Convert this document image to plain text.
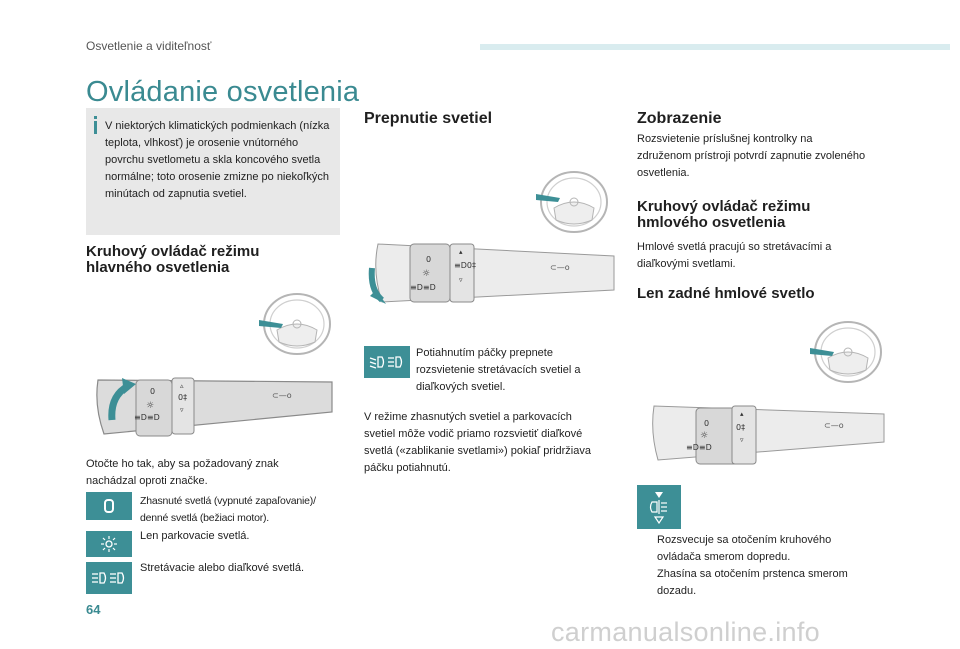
Osvetlenie a viditeľnosť
Ovládanie osvetlenia
V niektorých klimatických podmienkach (nízka teplota, vlhkosť) je orosenie vnútorného povrchu svetlometu a skla koncového svetla normálne; toto orosenie zmizne po niekoľkých minútach od zapnutia svetiel.
Kruhový ovládač režimu
hlavného osvetlenia
0
☼
≡D≡D
▵
0‡
▿
⊂—o
Otočte ho tak, aby sa požadovaný znak
nachádzal oproti značke.
Zhasnuté svetlá (vypnuté zapaľovanie)/
denné svetlá (bežiaci motor).
Len parkovacie svetlá.
Stretávacie alebo diaľkové svetlá.
Prepnutie svetiel
0
☼
≡D≡D
▴
≡D0‡
▿
⊂—o
Potiahnutím páčky prepnete
rozsvietenie stretávacích svetiel a
diaľkových svetiel.
V režime zhasnutých svetiel a parkovacích
svetiel môže vodič priamo rozsvietiť diaľkové
svetlá («zablikanie svetlami») pokiaľ pridržiava
páčku potiahnutú.
Zobrazenie
Rozsvietenie príslušnej kontrolky na
združenom prístroji potvrdí zapnutie zvoleného
osvetlenia.
Kruhový ovládač režimu
hmlového osvetlenia
Hmlové svetlá pracujú so stretávacími a
diaľkovými svetlami.
Len zadné hmlové svetlo
0
☼
≡D≡D
▴
0‡
▿
⊂—o
Rozsvecuje sa otočením kruhového
ovládača smerom dopredu.
Zhasína sa otočením prstenca smerom
dozadu.
64
carmanualsonline.info
